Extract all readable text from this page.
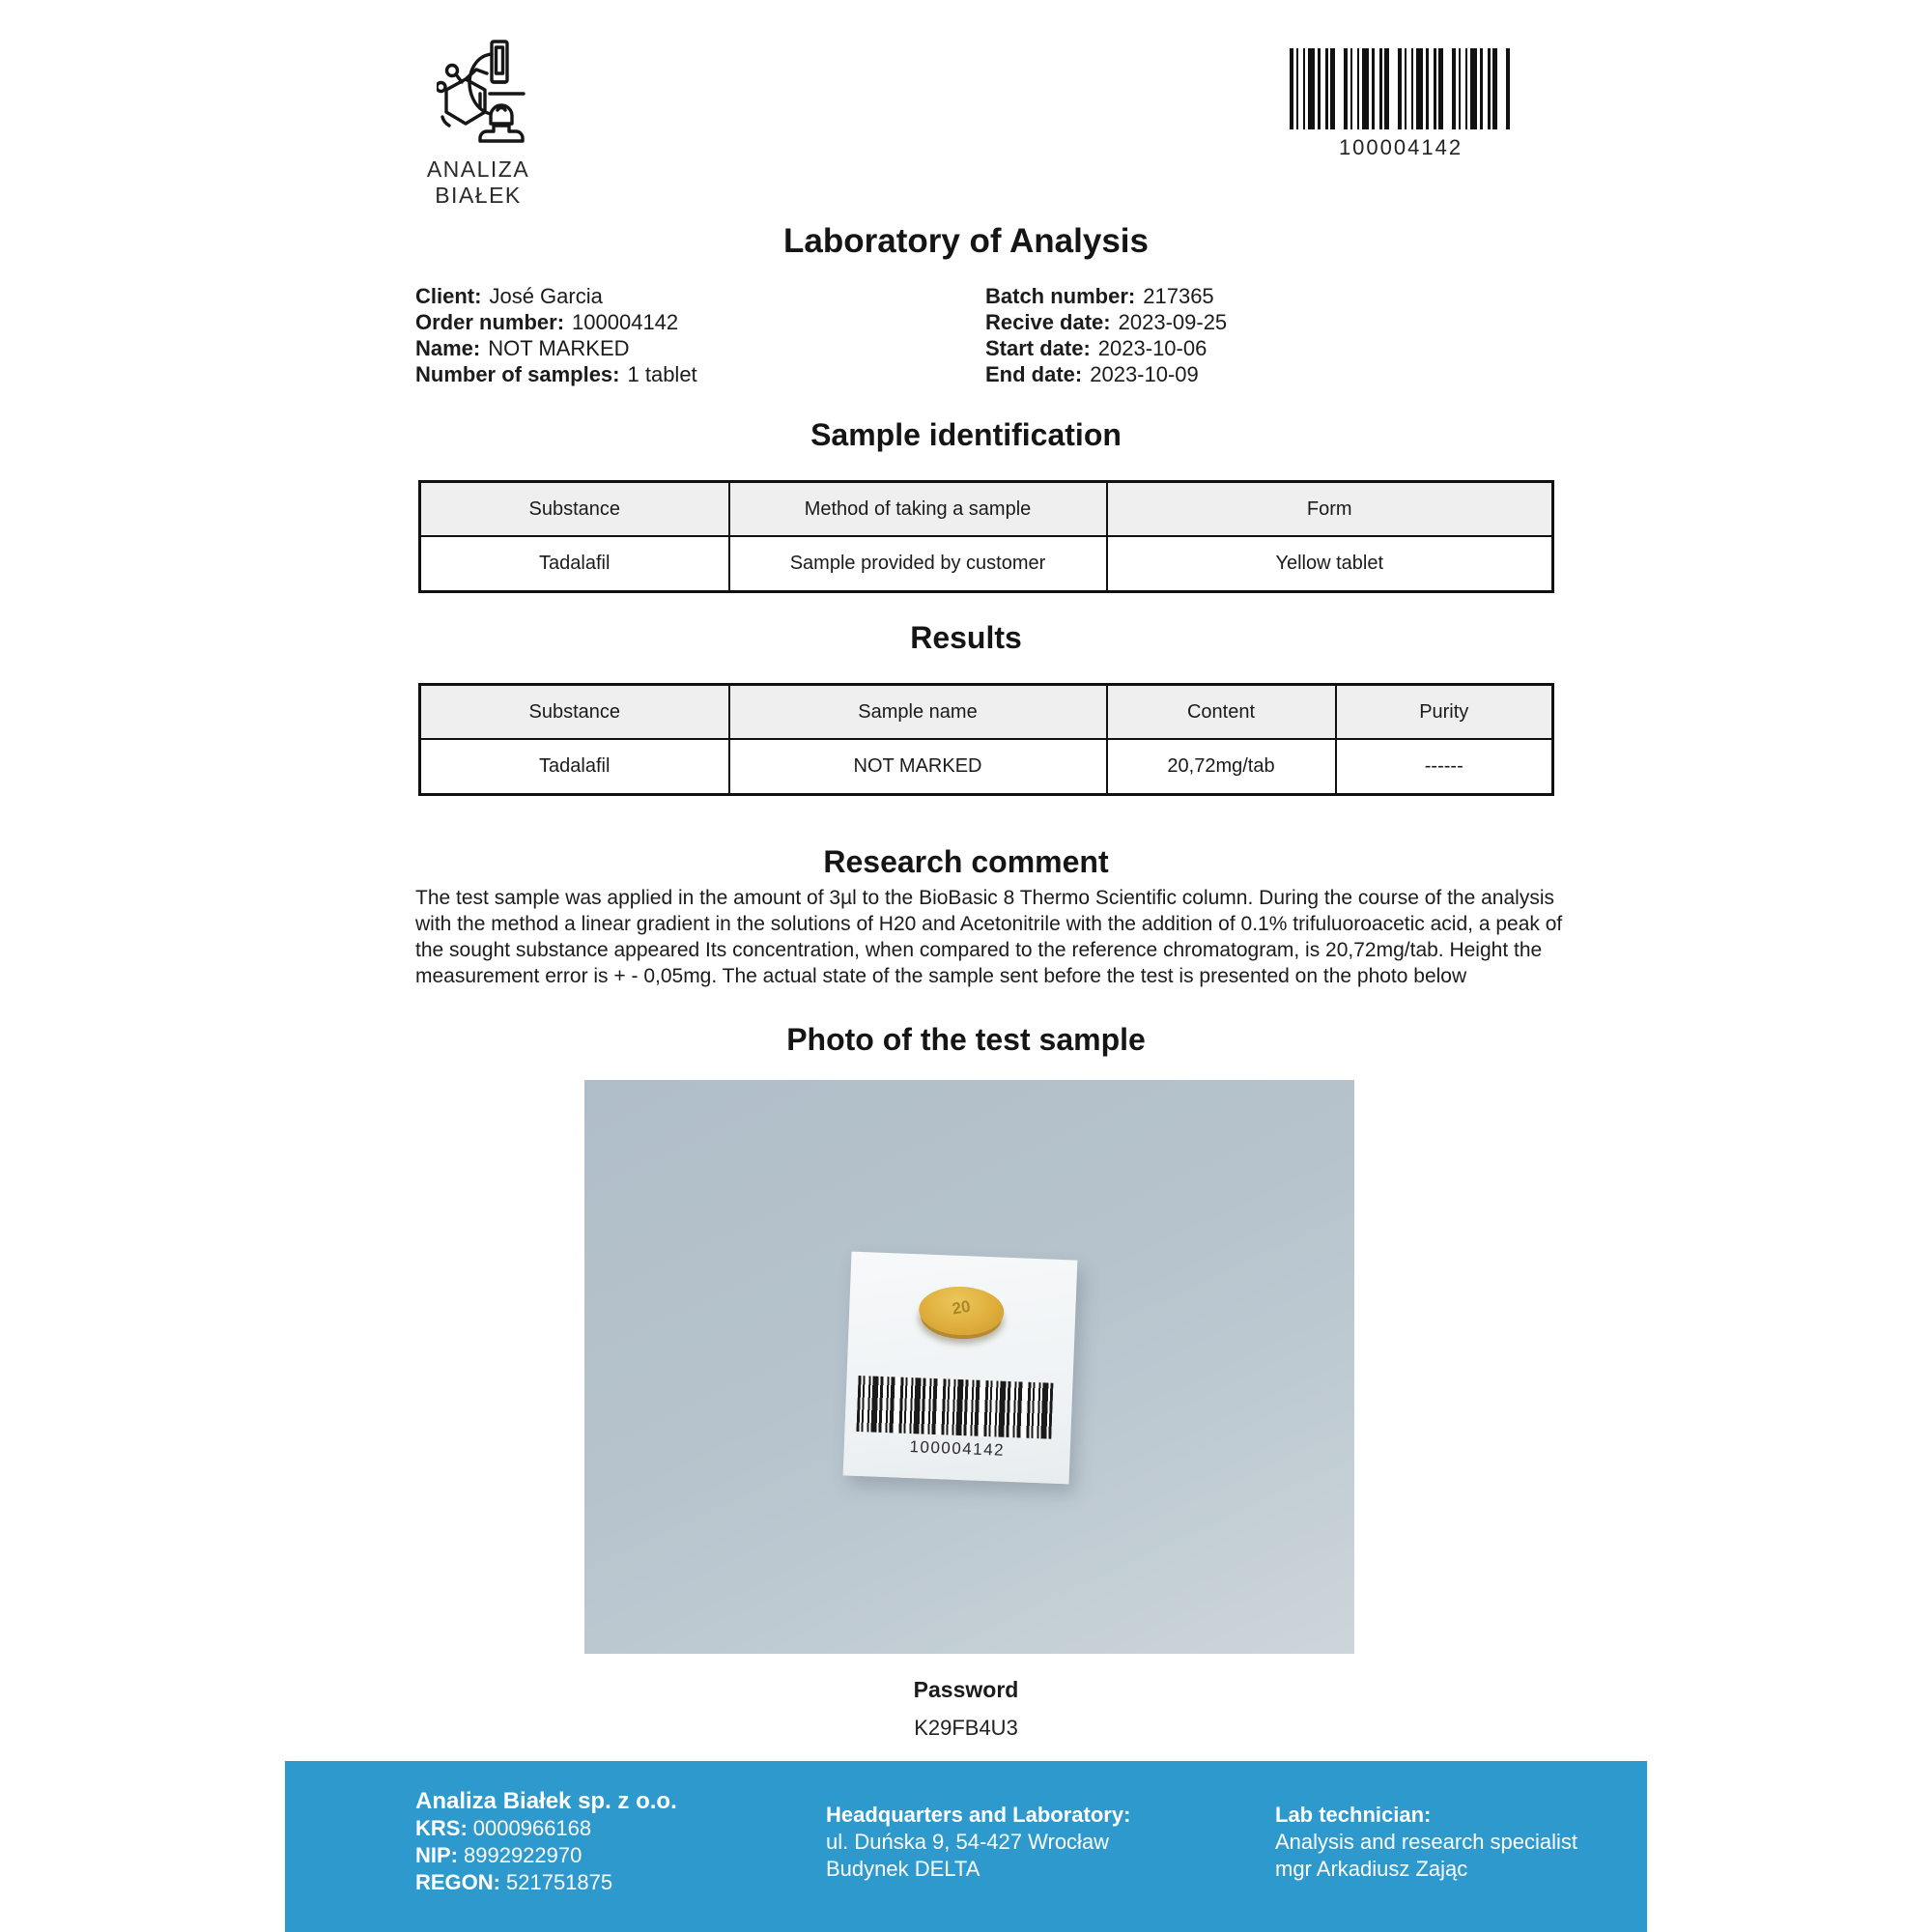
ANALIZA BIAŁEK
100004142
Laboratory of Analysis
Client: José Garcia
Order number: 100004142
Name: NOT MARKED
Number of samples: 1 tablet
Batch number: 217365
Recive date: 2023-09-25
Start date: 2023-10-06
End date: 2023-10-09
Sample identification
Substance	Method of taking a sample	Form
Tadalafil	Sample provided by customer	Yellow tablet
Results
Substance	Sample name	Content	Purity
Tadalafil	NOT MARKED	20,72mg/tab	------
Research comment
The test sample was applied in the amount of 3µl to the BioBasic 8 Thermo Scientific column. During the course of the analysis with the method a linear gradient in the solutions of H20 and Acetonitrile with the addition of 0.1% trifuluoroacetic acid, a peak of the sought substance appeared Its concentration, when compared to the reference chromatogram, is 20,72mg/tab. Height the measurement error is + - 0,05mg. The actual state of the sample sent before the test is presented on the photo below
Photo of the test sample
20
100004142
Password
K29FB4U3
Analiza Białek sp. z o.o.
KRS: 0000966168
NIP: 8992922970
REGON: 521751875
Headquarters and Laboratory:
ul. Duńska 9, 54-427 Wrocław
Budynek DELTA
Lab technician:
Analysis and research specialist
mgr Arkadiusz Zając
